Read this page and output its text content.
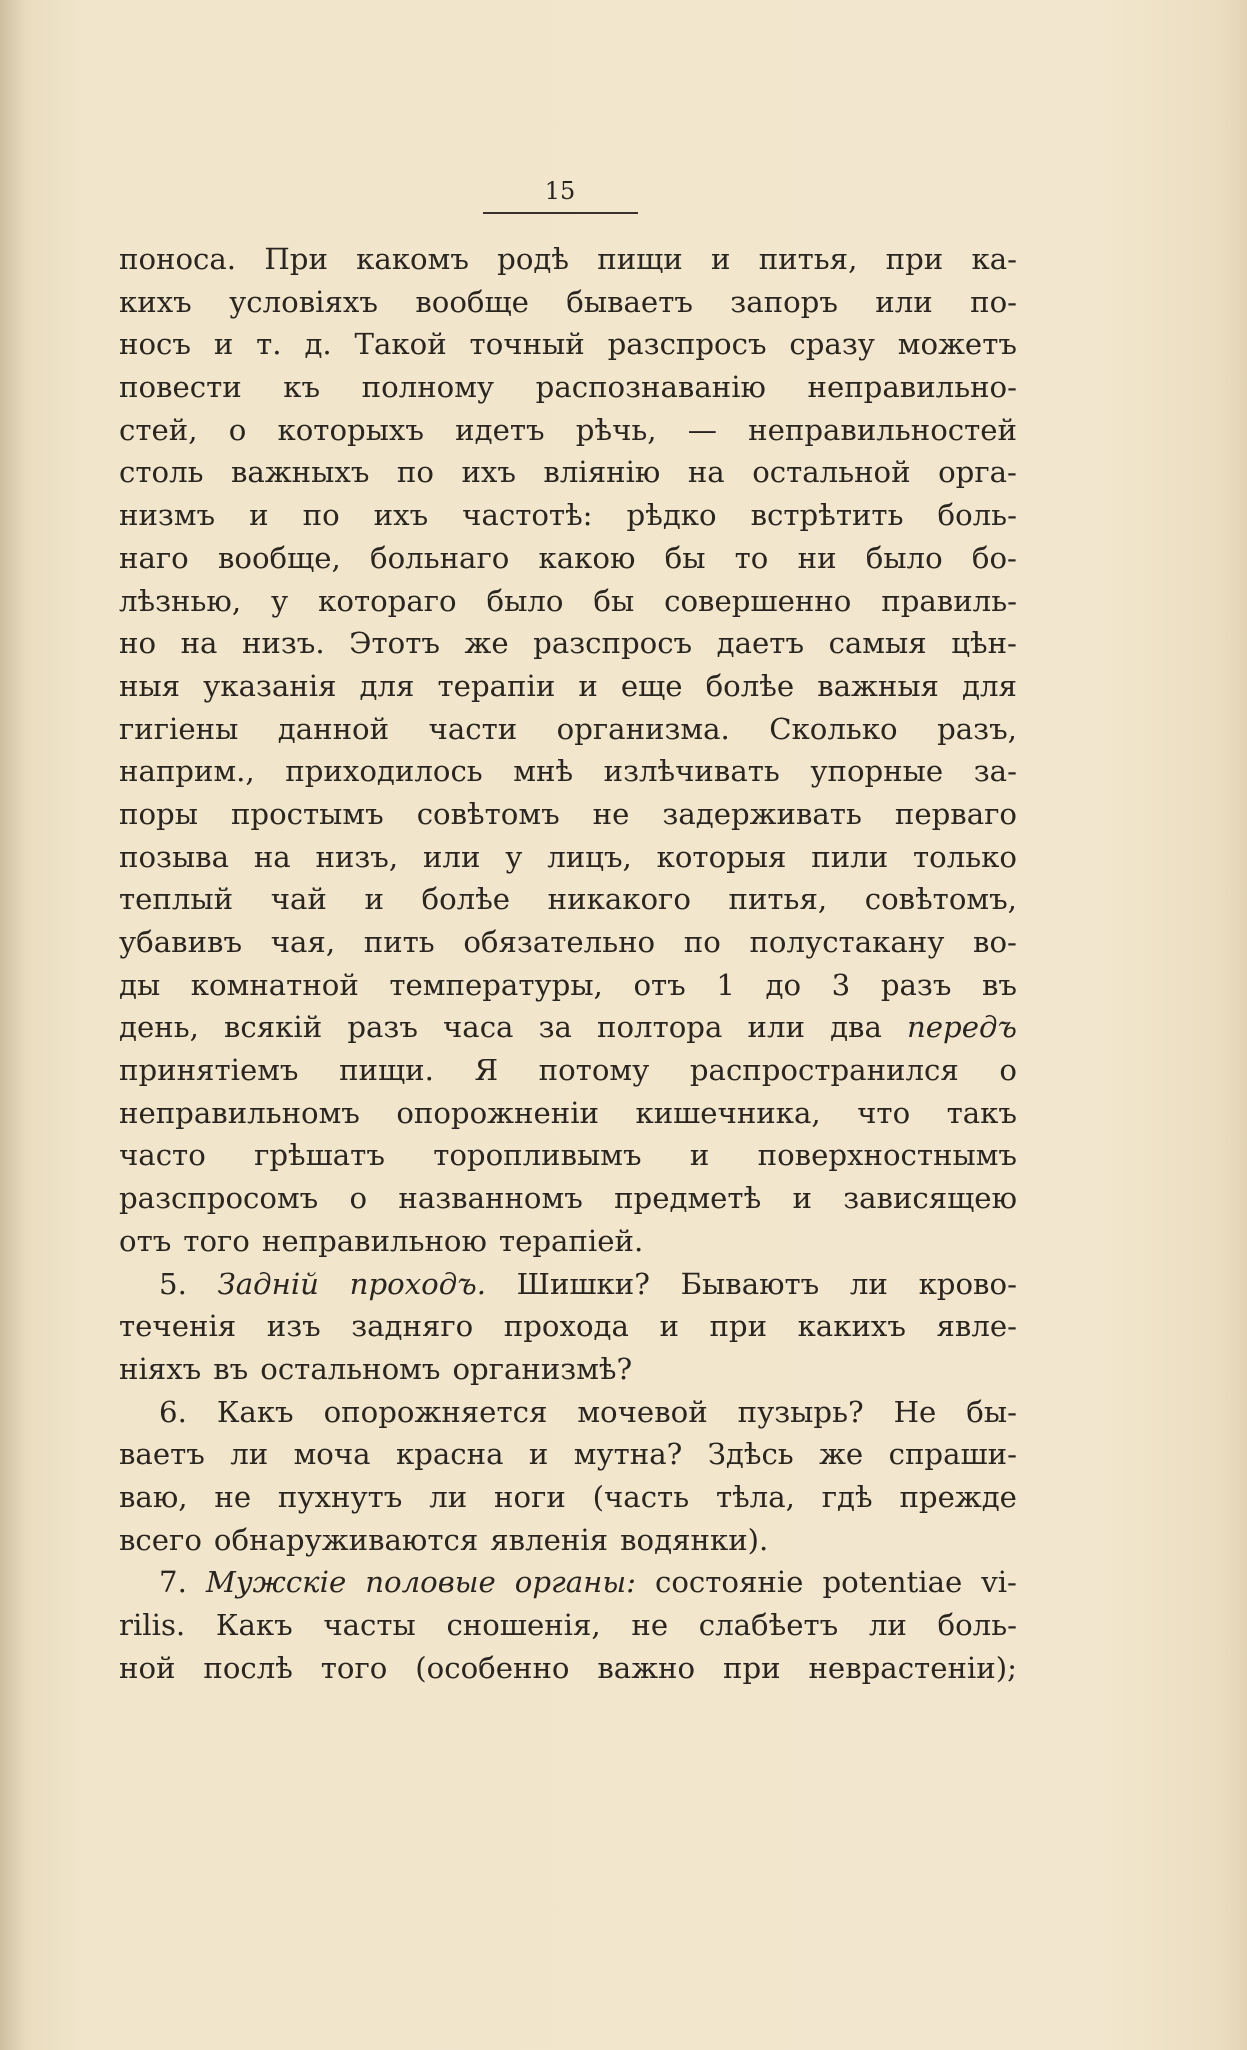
15
поноса. При какомъ родѣ пищи и питья, при ка-
кихъ условіяхъ вообще бываетъ запоръ или по-
носъ и т. д. Такой точный разспросъ сразу можетъ
повести къ полному распознаванію неправильно-
стей, о которыхъ идетъ рѣчь, — неправильностей
столь важныхъ по ихъ вліянію на остальной орга-
низмъ и по ихъ частотѣ: рѣдко встрѣтить боль-
наго вообще, больнаго какою бы то ни было бо-
лѣзнью, у котораго было бы совершенно правиль-
но на низъ. Этотъ же разспросъ даетъ самыя цѣн-
ныя указанія для терапіи и еще болѣе важныя для
гигіены данной части организма. Сколько разъ,
наприм., приходилось мнѣ излѣчивать упорные за-
поры простымъ совѣтомъ не задерживать перваго
позыва на низъ, или у лицъ, которыя пили только
теплый чай и болѣе никакого питья, совѣтомъ,
убавивъ чая, пить обязательно по полустакану во-
ды комнатной температуры, отъ 1 до 3 разъ въ
день, всякій разъ часа за полтора или два передъ
принятіемъ пищи. Я потому распространился о
неправильномъ опорожненіи кишечника, что такъ
часто грѣшатъ торопливымъ и поверхностнымъ
разспросомъ о названномъ предметѣ и зависящею
отъ того неправильною терапіей.
5. Задній проходъ. Шишки? Бываютъ ли крово-
теченія изъ задняго прохода и при какихъ явле-
ніяхъ въ остальномъ организмѣ?
6. Какъ опорожняется мочевой пузырь? Не бы-
ваетъ ли моча красна и мутна? Здѣсь же спраши-
ваю, не пухнутъ ли ноги (часть тѣла, гдѣ прежде
всего обнаруживаются явленія водянки).
7. Мужскіе половые органы: состояніе potentiae vi-
rilis. Какъ часты сношенія, не слабѣетъ ли боль-
ной послѣ того (особенно важно при неврастеніи);
